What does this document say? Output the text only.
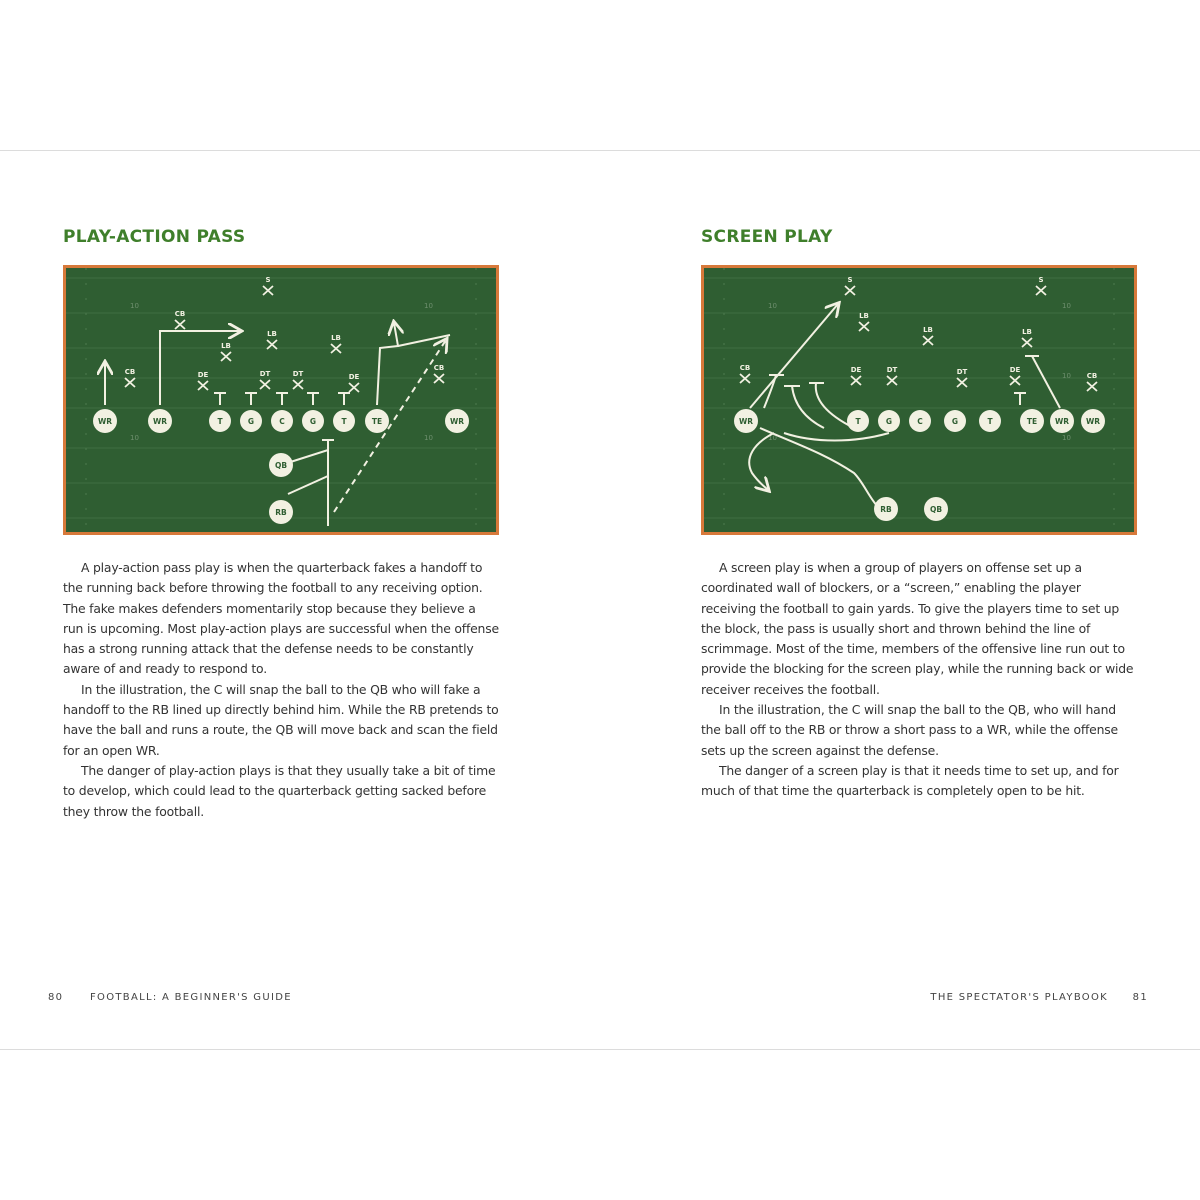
PLAY-ACTION PASS
10	10
10	10
WR	WR	T	G	C	G	T	TE	WR
QB
RB
S
CB
LB
LB	LB
CB	CB
DE	DT	DT	DE

A play-action pass play is when the quarterback fakes a handoff to the running back before throwing the football to any receiving option. The fake makes defenders momentarily stop because they believe a run is upcoming. Most play-action plays are successful when the offense has a strong running attack that the defense needs to be constantly aware of and ready to respond to.

In the illustration, the C will snap the ball to the QB who will fake a handoff to the RB lined up directly behind him. While the RB pretends to have the ball and runs a route, the QB will move back and scan the field for an open WR.

The danger of play-action plays is that they usually take a bit of time to develop, which could lead to the quarterback getting sacked before they throw the football.

80	FOOTBALL: A BEGINNER'S GUIDE
SCREEN PLAY
10	10
10	10
10
WR	T	G	C	G	T	TE WR WR
RB	QB
S	S
LB
LB	LB
CB
CB
DE	DT	DT	DE

A screen play is when a group of players on offense set up a coordinated wall of blockers, or a “screen,” enabling the player receiving the football to gain yards. To give the players time to set up the block, the pass is usually short and thrown behind the line of scrimmage. Most of the time, members of the offensive line run out to provide the blocking for the screen play, while the running back or wide receiver receives the football.

In the illustration, the C will snap the ball to the QB, who will hand the ball off to the RB or throw a short pass to a WR, while the offense sets up the screen against the defense.

The danger of a screen play is that it needs time to set up, and for much of that time the quarterback is completely open to be hit.

THE SPECTATOR'S PLAYBOOK 81
